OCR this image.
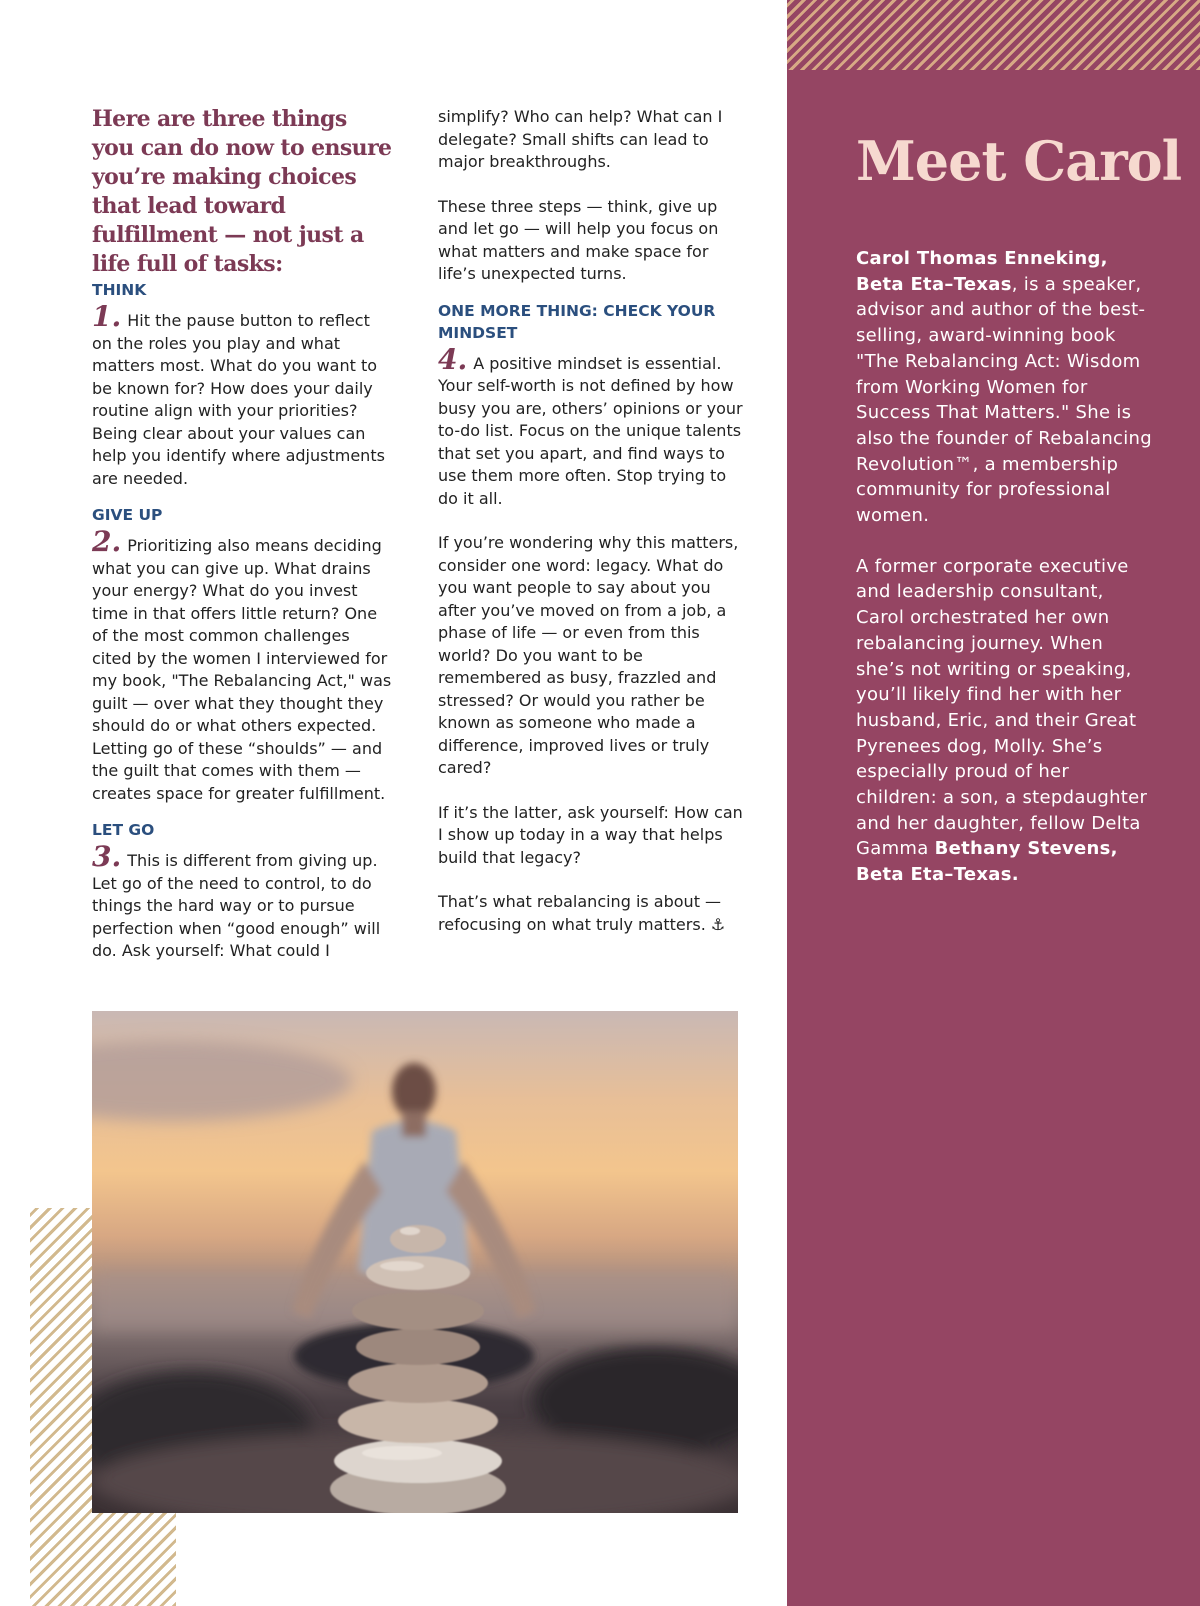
Meet Carol

Carol Thomas Enneking, Beta Eta–Texas, is a speaker, advisor and author of the best-selling, award-winning book "The Rebalancing Act: Wisdom from Working Women for Success That Matters." She is also the founder of Rebalancing Revolution™, a membership community for professional women.

A former corporate executive and leadership consultant, Carol orchestrated her own rebalancing journey. When she’s not writing or speaking, you’ll likely find her with her husband, Eric, and their Great Pyrenees dog, Molly. She’s especially proud of her children: a son, a stepdaughter and her daughter, fellow Delta Gamma Bethany Stevens, Beta Eta–Texas.

Here are three things you can do now to ensure you’re making choices that lead toward fulfillment — not just a life full of tasks:

THINK

1. Hit the pause button to reflect on the roles you play and what matters most. What do you want to be known for? How does your daily routine align with your priorities? Being clear about your values can help you identify where adjustments are needed.

GIVE UP

2. Prioritizing also means deciding what you can give up. What drains your energy? What do you invest time in that offers little return? One of the most common challenges cited by the women I interviewed for my book, "The Rebalancing Act," was guilt — over what they thought they should do or what others expected. Letting go of these “shoulds” — and the guilt that comes with them — creates space for greater fulfillment.

LET GO

3. This is different from giving up. Let go of the need to control, to do things the hard way or to pursue perfection when “good enough” will do. Ask yourself: What could I

simplify? Who can help? What can I delegate? Small shifts can lead to major breakthroughs.

These three steps — think, give up and let go — will help you focus on what matters and make space for life’s unexpected turns.

ONE MORE THING: CHECK YOUR MINDSET

4. A positive mindset is essential. Your self-worth is not defined by how busy you are, others’ opinions or your to-do list. Focus on the unique talents that set you apart, and find ways to use them more often. Stop trying to do it all.

If you’re wondering why this matters, consider one word: legacy. What do you want people to say about you after you’ve moved on from a job, a phase of life — or even from this world? Do you want to be remembered as busy, frazzled and stressed? Or would you rather be known as someone who made a difference, improved lives or truly cared?

If it’s the latter, ask yourself: How can I show up today in a way that helps build that legacy?

That’s what rebalancing is about — refocusing on what truly matters. ⚓
